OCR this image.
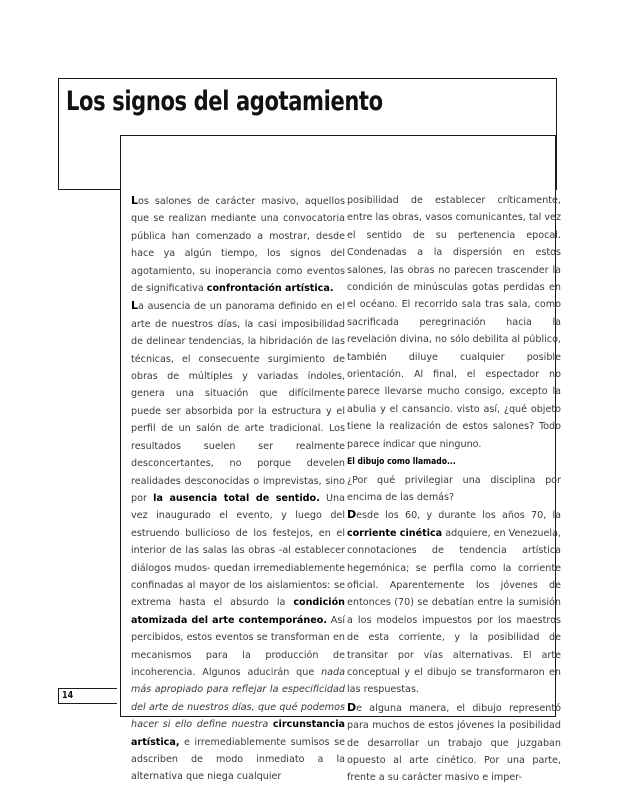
Los signos del agotamiento

Los salones de carácter masivo, aquellos que se realizan mediante una convocatoria pública han comenzado a mostrar, desde hace ya algún tiempo, los signos del agotamiento, su inoperancia como eventos de significativa confrontación artística.

La ausencia de un panorama definido en el arte de nuestros días, la casi imposibilidad de delinear tendencias, la hibridación de las técnicas, el consecuente surgimiento de obras de múltiples y variadas índoles, genera una situación que difícilmente puede ser absorbida por la estructura y el perfil de un salón de arte tradicional. Los resultados suelen ser realmente desconcertantes, no porque develen realidades desconocidas o imprevistas, sino por la ausencia total de sentido. Una vez inaugurado el evento, y luego del estruendo bullicioso de los festejos, en el interior de las salas las obras -al establecer diálogos mudos- quedan irremediablemente confinadas al mayor de los aislamientos: se extrema hasta el absurdo la condición atomizada del arte contemporáneo. Así percibidos, estos eventos se transforman en mecanismos para la producción de incoherencia. Algunos aducirán que nada más apropiado para reflejar la especificidad del arte de nuestros días, que qué podemos hacer si ello define nuestra circunstancia artística, e irremediablemente sumisos se adscriben de modo inmediato a la alternativa que niega cualquier

posibilidad de establecer críticamente, entre las obras, vasos comunicantes, tal vez el sentido de su pertenencia epocal. Condenadas a la dispersión en estos salones, las obras no parecen trascender la condición de minúsculas gotas perdidas en el océano. El recorrido sala tras sala, como sacrificada peregrinación hacia la revelación divina, no sólo debilita al público, también diluye cualquier posible orientación. Al final, el espectador no parece llevarse mucho consigo, excepto la abulia y el cansancio. visto así, ¿qué objeto tiene la realización de estos salones? Todo parece indicar que ninguno.

El dibujo como llamado...

¿Por qué privilegiar una disciplina por encima de las demás?

Desde los 60, y durante los años 70, la corriente cinética adquiere, en Venezuela, connotaciones de tendencia artística hegemónica; se perfila como la corriente oficial. Aparentemente los jóvenes de entonces (70) se debatían entre la sumisión a los modelos impuestos por los maestros de esta corriente, y la posibilidad de transitar por vías alternativas. El arte conceptual y el dibujo se transformaron en las respuestas.

De alguna manera, el dibujo representó para muchos de estos jóvenes la posibilidad de desarrollar un trabajo que juzgaban opuesto al arte cinético. Por una parte, frente a su carácter masivo e imper-

14
